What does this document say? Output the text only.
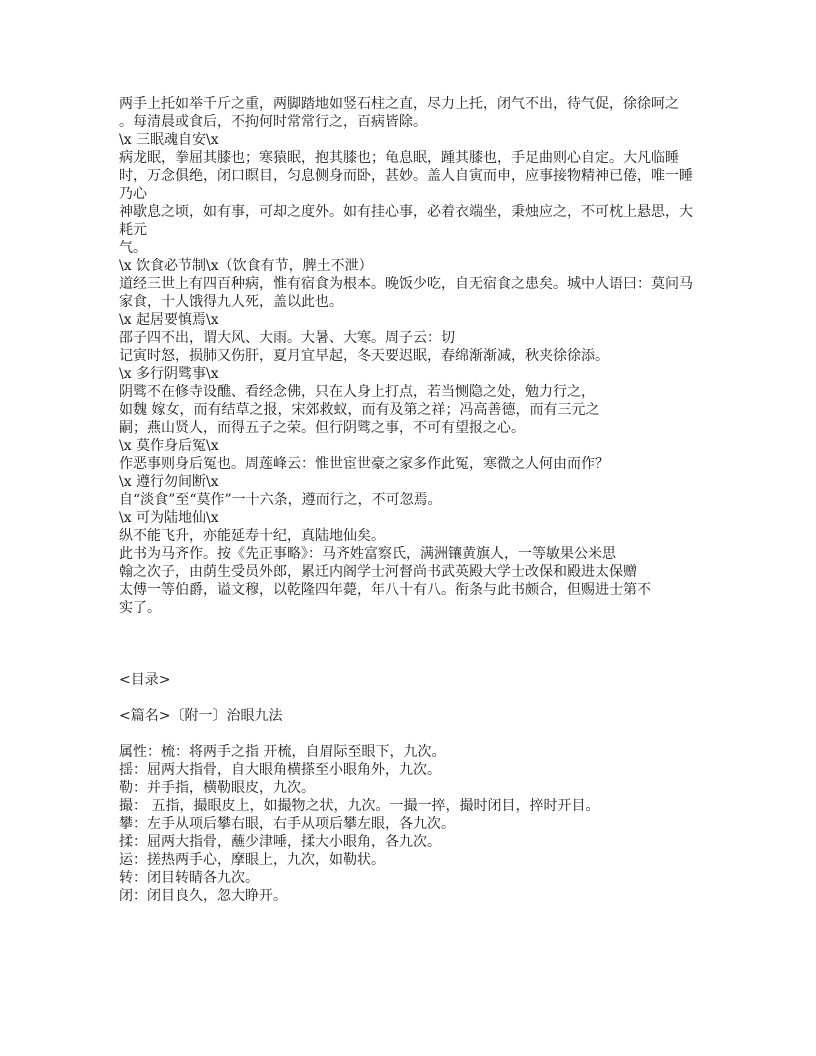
两手上托如举千斤之重，两脚踏地如竖石柱之直，尽力上托，闭气不出，待气促，徐徐呵之
。每清晨或食后，不拘何时常常行之，百病皆除。
\x 三眠魂自安\x
病龙眠，拳屈其膝也；寒猿眠，抱其膝也；龟息眠，踵其膝也，手足曲则心自定。大凡临睡
时，万念俱绝，闭口瞑目，匀息侧身而卧，甚妙。盖人自寅而申，应事接物精神已倦，唯一睡
乃心
神歇息之顷，如有事，可却之度外。如有挂心事，必着衣端坐，秉烛应之，不可枕上悬思，大
耗元
气。
\x 饮食必节制\x（饮食有节，脾土不泄）
道经三世上有四百种病，惟有宿食为根本。晚饭少吃，自无宿食之患矣。城中人语曰：莫问马
家食，十人饿得九人死，盖以此也。
\x 起居要慎焉\x
邵子四不出，谓大风、大雨。大暑、大寒。周子云：切
记寅时怒，损肺又伤肝，夏月宜早起，冬天要迟眠，春绵渐渐减，秋夹徐徐添。
\x 多行阴骘事\x
阴骘不在修寺设醮、看经念佛，只在人身上打点，若当恻隐之处，勉力行之，
如魏 嫁女，而有结草之报，宋郊救蚁，而有及第之祥；冯高善德，而有三元之
嗣；燕山贤人，而得五子之荣。但行阴骘之事，不可有望报之心。
\x 莫作身后冤\x
作恶事则身后冤也。周莲峰云：惟世宦世豪之家多作此冤，寒微之人何由而作？
\x 遵行勿间断\x
自“淡食”至“莫作”一十六条，遵而行之，不可忽焉。
\x 可为陆地仙\x
纵不能飞升，亦能延寿十纪，真陆地仙矣。
此书为马齐作。按《先正事略》：马齐姓富察氏，满洲镶黄旗人，一等敏果公米思
翰之次子，由荫生受员外郎，累迁内阁学士河督尚书武英殿大学士改保和殿进太保赠
太傅一等伯爵，谥文穆，以乾隆四年薨，年八十有八。衔条与此书颇合，但赐进士第不
实了。
<目录>
<篇名>〔附一〕治眼九法
属性：梳：将两手之指 开梳，自眉际至眼下，九次。
揺：屈两大指骨，自大眼角横搽至小眼角外，九次。
勒：并手指，横勒眼皮，九次。
撮： 五指，撮眼皮上，如撮物之状，九次。一撮一捽，撮时闭目，捽时开目。
攀：左手从项后攀右眼，右手从项后攀左眼，各九次。
揉：屈两大指骨，蘸少津唾，揉大小眼角，各九次。
运：搓热两手心，摩眼上，九次，如勒状。
转：闭目转睛各九次。
闭：闭目良久，忽大睁开。
